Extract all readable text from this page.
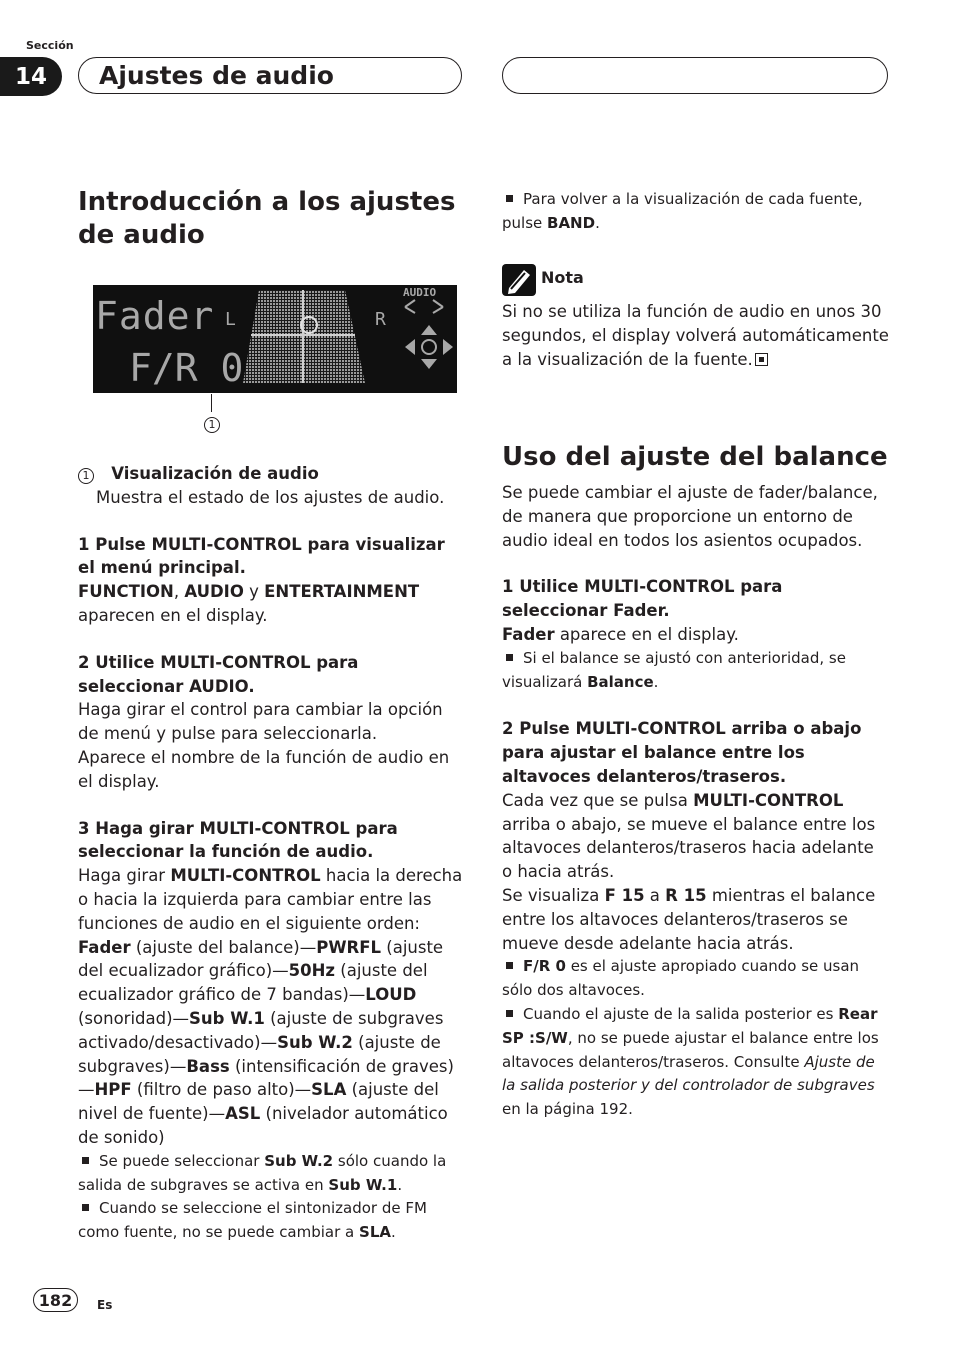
Sección
14	Ajustes de audio
Introducción a los ajustes de audio
Fader
F/R 0
L	R
AUDIO
1

1 Visualización de audio

Muestra el estado de los ajustes de audio.

1 Pulse MULTI-CONTROL para visualizar el menú principal.

FUNCTION, AUDIO y ENTERTAINMENT aparecen en el display.

2 Utilice MULTI-CONTROL para seleccionar AUDIO.

Haga girar el control para cambiar la opción de menú y pulse para seleccionarla.

Aparece el nombre de la función de audio en el display.

3 Haga girar MULTI-CONTROL para seleccionar la función de audio.

Haga girar MULTI-CONTROL hacia la derecha o hacia la izquierda para cambiar entre las funciones de audio en el siguiente orden:

Fader (ajuste del balance)—PWRFL (ajuste del ecualizador gráfico)—50Hz (ajuste del ecualizador gráfico de 7 bandas)—LOUD (sonoridad)—Sub W.1 (ajuste de subgraves activado/desactivado)—Sub W.2 (ajuste de subgraves)—Bass (intensificación de graves)—HPF (filtro de paso alto)—SLA (ajuste del nivel de fuente)—ASL (nivelador automático de sonido)

Se puede seleccionar Sub W.2 sólo cuando la salida de subgraves se activa en Sub W.1.

Cuando se seleccione el sintonizador de FM como fuente, no se puede cambiar a SLA.

Para volver a la visualización de cada fuente, pulse BAND.

Nota

Si no se utiliza la función de audio en unos 30 segundos, el display volverá automáticamente a la visualización de la fuente.

Uso del ajuste del balance

Se puede cambiar el ajuste de fader/balance, de manera que proporcione un entorno de audio ideal en todos los asientos ocupados.

1 Utilice MULTI-CONTROL para seleccionar Fader.

Fader aparece en el display.

Si el balance se ajustó con anterioridad, se visualizará Balance.

2 Pulse MULTI-CONTROL arriba o abajo para ajustar el balance entre los altavoces delanteros/traseros.

Cada vez que se pulsa MULTI-CONTROL arriba o abajo, se mueve el balance entre los altavoces delanteros/traseros hacia adelante o hacia atrás.

Se visualiza F 15 a R 15 mientras el balance entre los altavoces delanteros/traseros se mueve desde adelante hacia atrás.

F/R 0 es el ajuste apropiado cuando se usan sólo dos altavoces.

Cuando el ajuste de la salida posterior es Rear SP :S/W, no se puede ajustar el balance entre los altavoces delanteros/traseros. Consulte Ajuste de la salida posterior y del controlador de subgraves en la página 192.

182	Es
